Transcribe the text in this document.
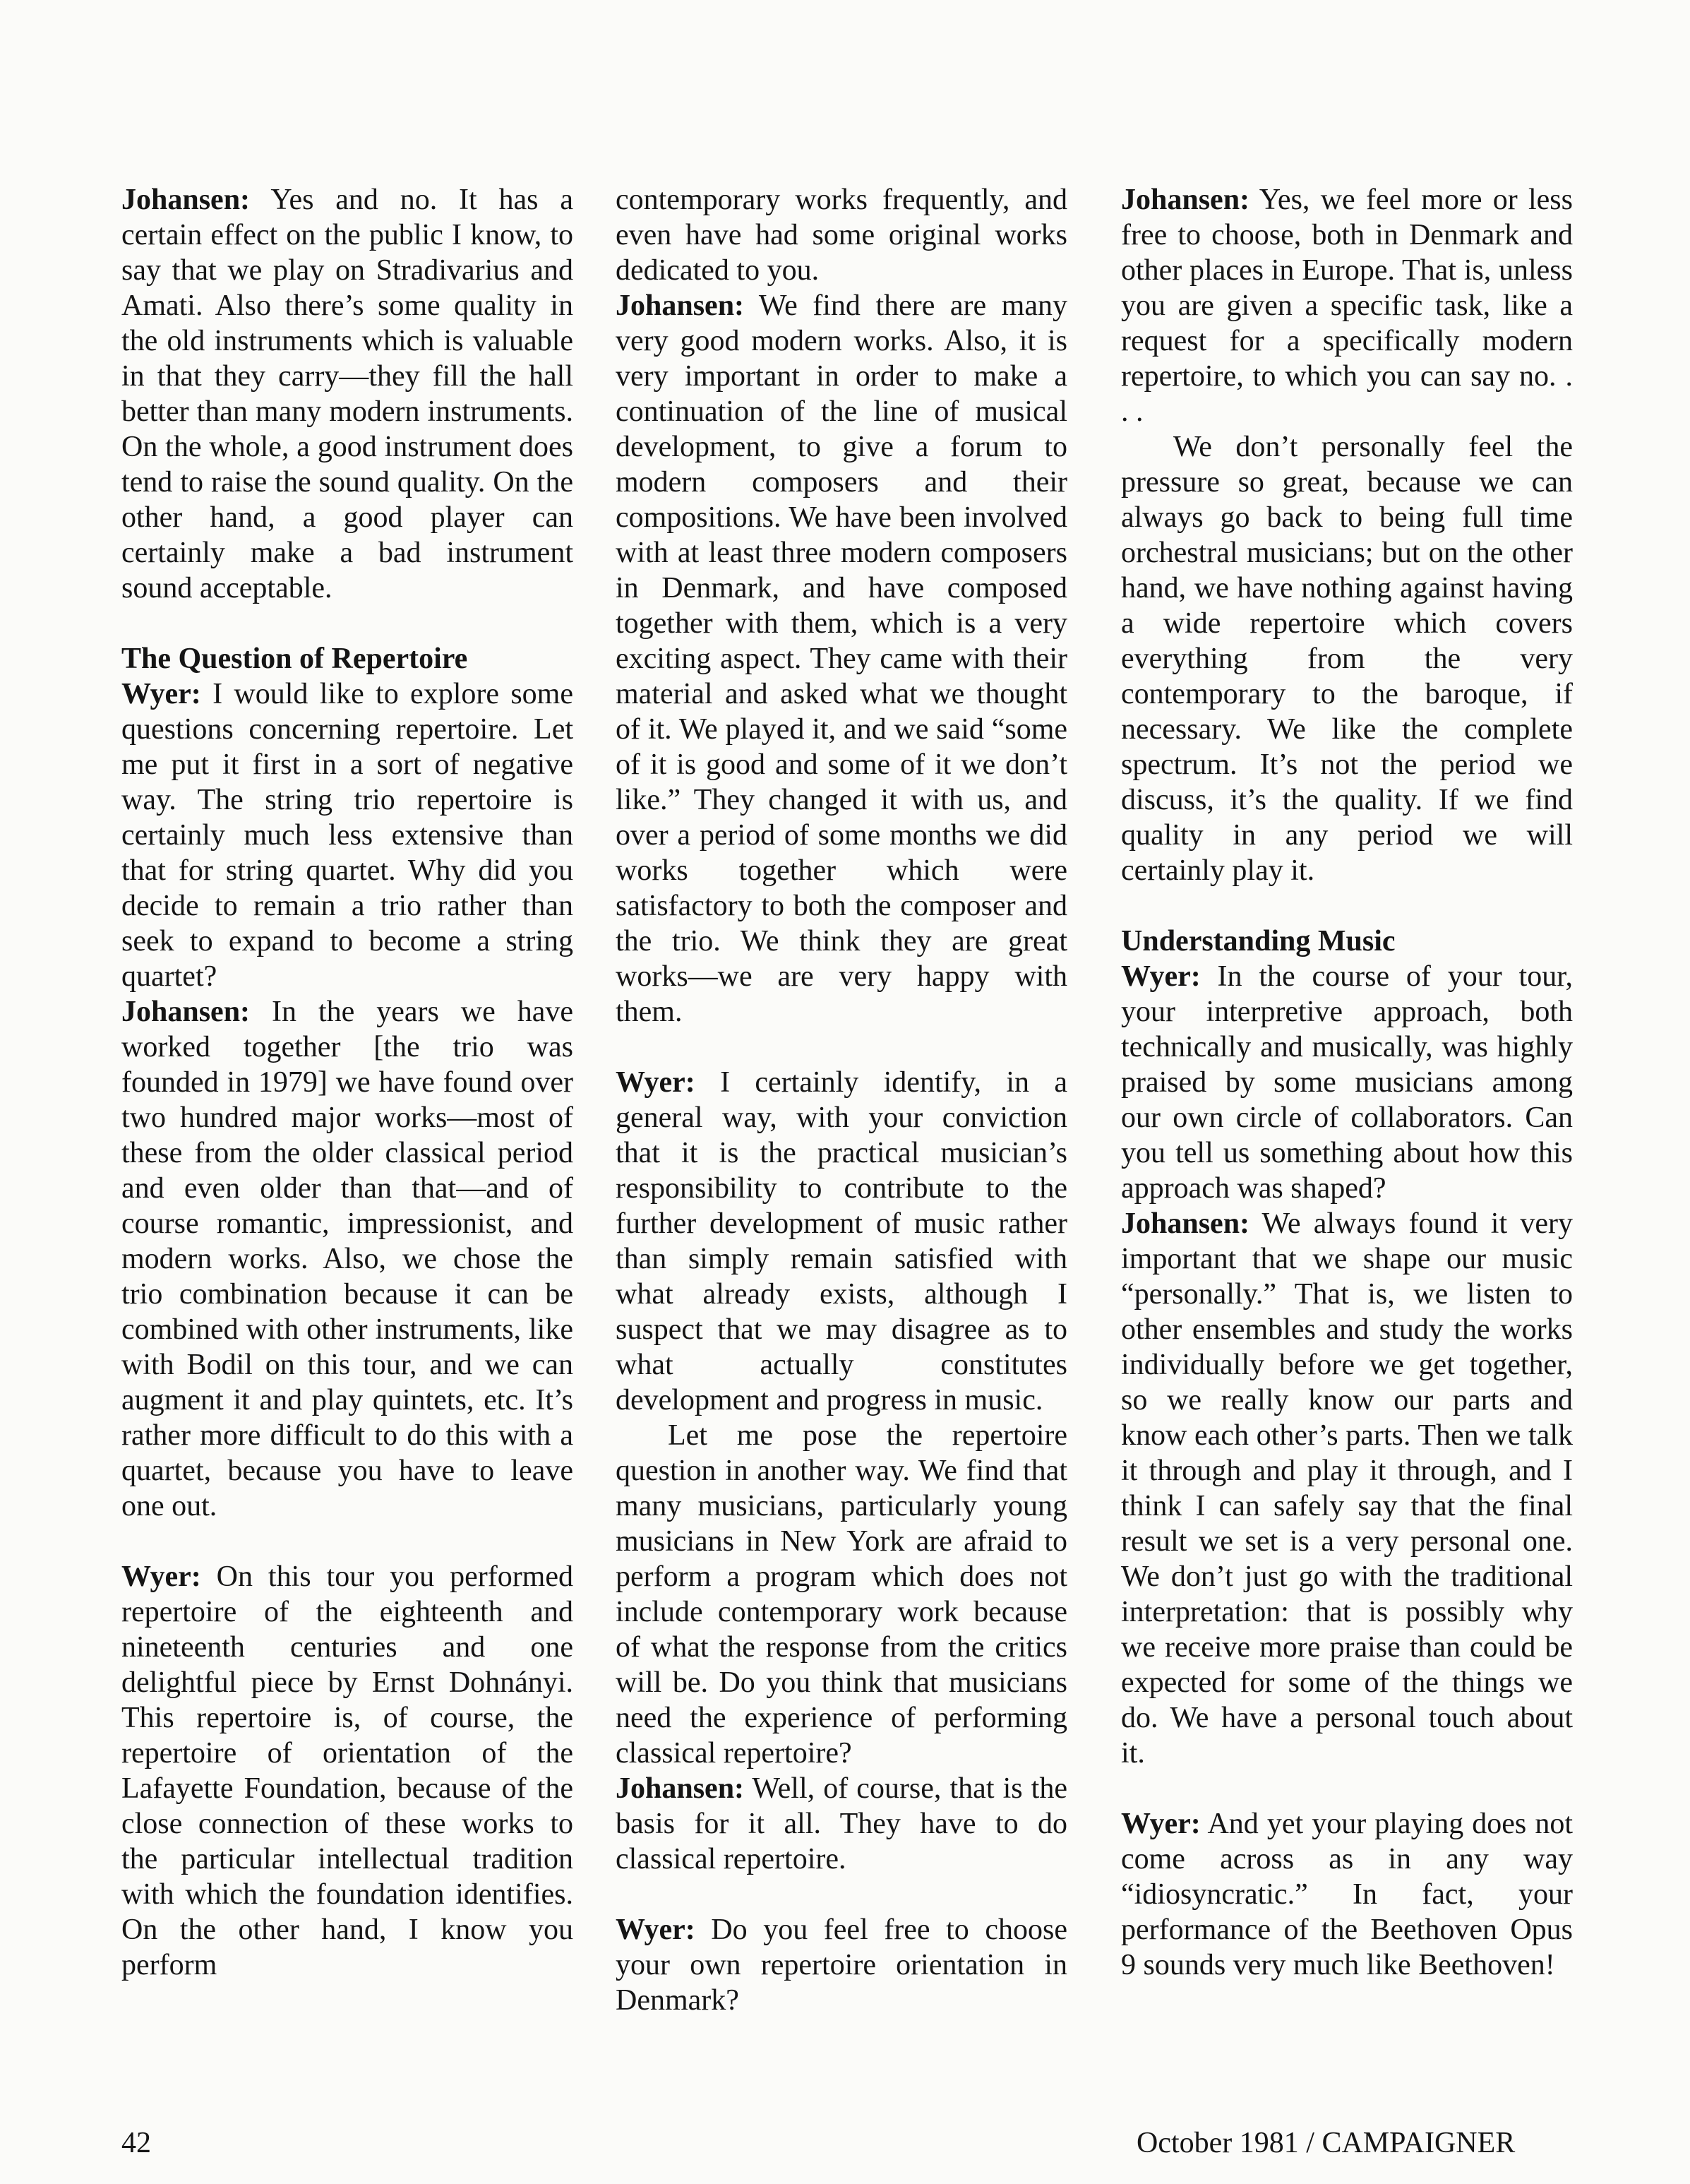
Johansen: Yes and no. It has a certain effect on the public I know, to say that we play on Stradivarius and Amati. Also there’s some quality in the old instruments which is valuable in that they carry—they fill the hall better than many modern instruments. On the whole, a good instrument does tend to raise the sound quality. On the other hand, a good player can certainly make a bad instrument sound acceptable.

The Question of Repertoire

Wyer: I would like to explore some questions concerning repertoire. Let me put it first in a sort of negative way. The string trio repertoire is certainly much less extensive than that for string quartet. Why did you decide to remain a trio rather than seek to expand to become a string quartet?

Johansen: In the years we have worked together [the trio was founded in 1979] we have found over two hundred major works—most of these from the older classical period and even older than that—and of course romantic, impressionist, and modern works. Also, we chose the trio combination because it can be combined with other instruments, like with Bodil on this tour, and we can augment it and play quintets, etc. It’s rather more difficult to do this with a quartet, because you have to leave one out.

Wyer: On this tour you performed repertoire of the eighteenth and nineteenth centuries and one delightful piece by Ernst Dohnányi. This repertoire is, of course, the repertoire of orientation of the Lafayette Foundation, because of the close connection of these works to the particular intellectual tradition with which the foundation identifies. On the other hand, I know you perform

contemporary works frequently, and even have had some original works dedicated to you.

Johansen: We find there are many very good modern works. Also, it is very important in order to make a continuation of the line of musical development, to give a forum to modern composers and their compositions. We have been involved with at least three modern composers in Denmark, and have composed together with them, which is a very exciting aspect. They came with their material and asked what we thought of it. We played it, and we said “some of it is good and some of it we don’t like.” They changed it with us, and over a period of some months we did works together which were satisfactory to both the composer and the trio. We think they are great works—we are very happy with them.

Wyer: I certainly identify, in a general way, with your conviction that it is the practical musician’s responsibility to contribute to the further development of music rather than simply remain satisfied with what already exists, although I suspect that we may disagree as to what actually constitutes development and progress in music.

Let me pose the repertoire question in another way. We find that many musicians, particularly young musicians in New York are afraid to perform a program which does not include contemporary work because of what the response from the critics will be. Do you think that musicians need the experience of performing classical repertoire?

Johansen: Well, of course, that is the basis for it all. They have to do classical repertoire.

Wyer: Do you feel free to choose your own repertoire orientation in Denmark?

Johansen: Yes, we feel more or less free to choose, both in Denmark and other places in Europe. That is, unless you are given a specific task, like a request for a specifically modern repertoire, to which you can say no. . . .

We don’t personally feel the pressure so great, because we can always go back to being full time orchestral musicians; but on the other hand, we have nothing against having a wide repertoire which covers everything from the very contemporary to the baroque, if necessary. We like the complete spectrum. It’s not the period we discuss, it’s the quality. If we find quality in any period we will certainly play it.

Understanding Music

Wyer: In the course of your tour, your interpretive approach, both technically and musically, was highly praised by some musicians among our own circle of collaborators. Can you tell us something about how this approach was shaped?

Johansen: We always found it very important that we shape our music “personally.” That is, we listen to other ensembles and study the works individually before we get together, so we really know our parts and know each other’s parts. Then we talk it through and play it through, and I think I can safely say that the final result we set is a very personal one. We don’t just go with the traditional interpretation: that is possibly why we receive more praise than could be expected for some of the things we do. We have a personal touch about it.

Wyer: And yet your playing does not come across as in any way “idiosyncratic.” In fact, your performance of the Beethoven Opus 9 sounds very much like Beethoven!

42	October 1981 / CAMPAIGNER
